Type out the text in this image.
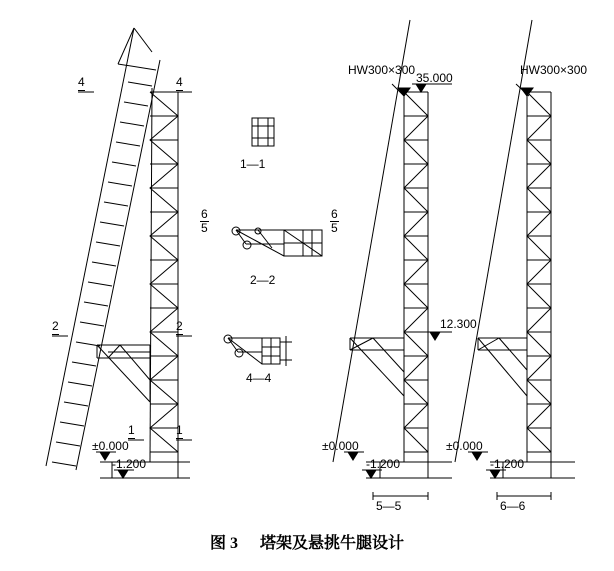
4	4
2	2
1	1
±0.000
-1.200
1—1
$\frac{6}{5}$	$\frac{6}{5}$
2—2
4—4
HW300×300
35.000
12.300
±0.000
-1.200
5—5
HW300×300
±0.000
-1.200
6—6
图 3 塔架及悬挑牛腿设计
